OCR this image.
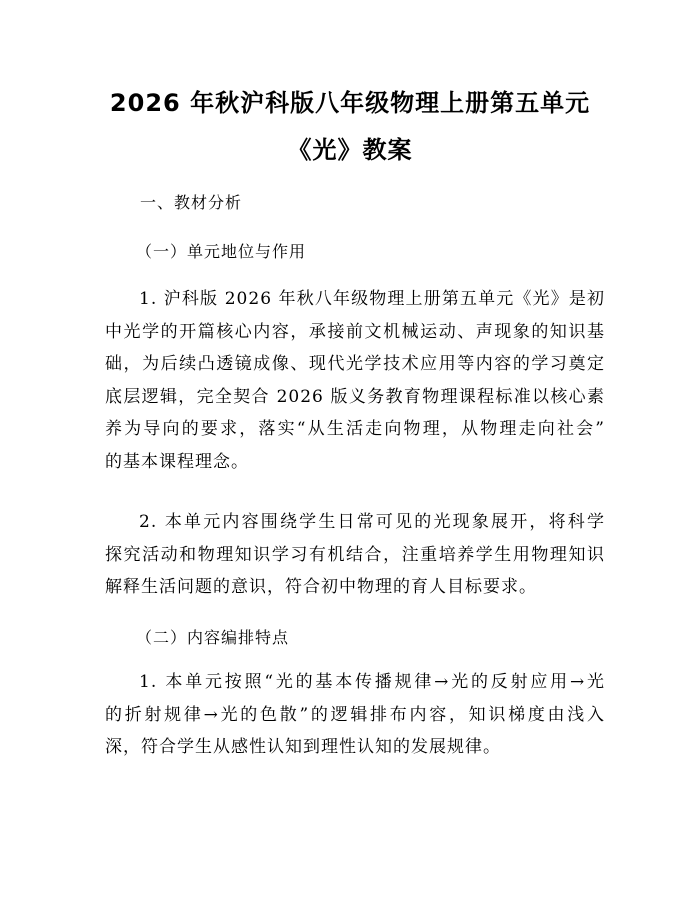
2026 年秋沪科版八年级物理上册第五单元
《光》教案
一、教材分析
（一）单元地位与作用
1. 沪科版 2026 年秋八年级物理上册第五单元《光》是初
中光学的开篇核心内容，承接前文机械运动、声现象的知识基
础，为后续凸透镜成像、现代光学技术应用等内容的学习奠定
底层逻辑，完全契合 2026 版义务教育物理课程标准以核心素
养为导向的要求，落实“从生活走向物理，从物理走向社会”
的基本课程理念。
2. 本单元内容围绕学生日常可见的光现象展开，将科学
探究活动和物理知识学习有机结合，注重培养学生用物理知识
解释生活问题的意识，符合初中物理的育人目标要求。
（二）内容编排特点
1. 本单元按照“光的基本传播规律→光的反射应用→光
的折射规律→光的色散”的逻辑排布内容，知识梯度由浅入
深，符合学生从感性认知到理性认知的发展规律。
